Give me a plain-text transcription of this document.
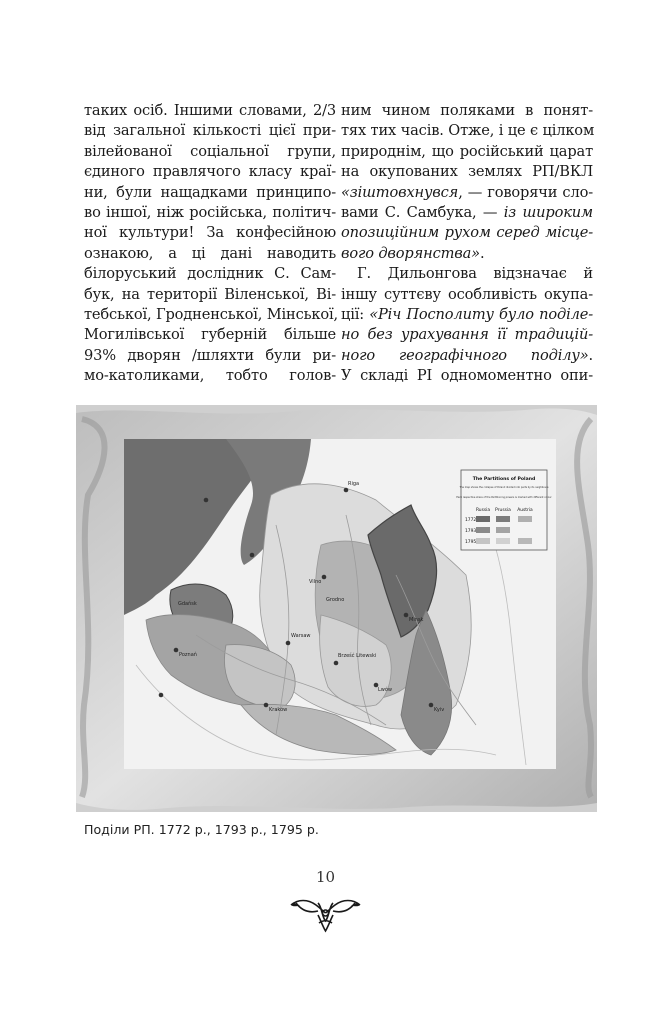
таких осіб. Іншими словами, 2/3
від загальної кількості цієї при-
вілейованої соціальної групи,
єдиного правлячого класу краї-
ни, були нащадками принципо-
во іншої, ніж російська, політич-
ної культури! За конфесійною
ознакою, а ці дані наводить
білоруський дослідник С. Сам-
бук, на території Віленської, Ві-
тебської, Гродненської, Мінської,
Могилівської губерній більше
93% дворян /шляхти були ри-
мо-католиками, тобто голов-
ним чином поляками в понят-
тях тих часів. Отже, і це є цілком
природнім, що російський царат
на окупованих землях РП/ВКЛ
«зіштовхнувся, — говорячи сло-
вами С. Самбука, — із широким
опозиційним рухом серед місце-
вого дворянства».
Г. Дильонгова відзначає й
іншу суттєву особливість окупа-
ції: «Річ Посполиту було поділе-
но без урахування її традицій-
ного географічного поділу».
У складі РІ одномоментно опи-
Vilno
Gdańsk
Warsaw
Kraków
Lwów
Minsk
Kyiv
Brześć Litewski
Poznań
Riga
Grodno
The Partitions of Poland
The map shows the collapse of Poland divided into parts by its neighbours
Each respective share of the Partitioning powers is marked with different colour
Russia Prussia Austria
1772
1793
1795
Поділи РП. 1772 р., 1793 р., 1795 р.
10
